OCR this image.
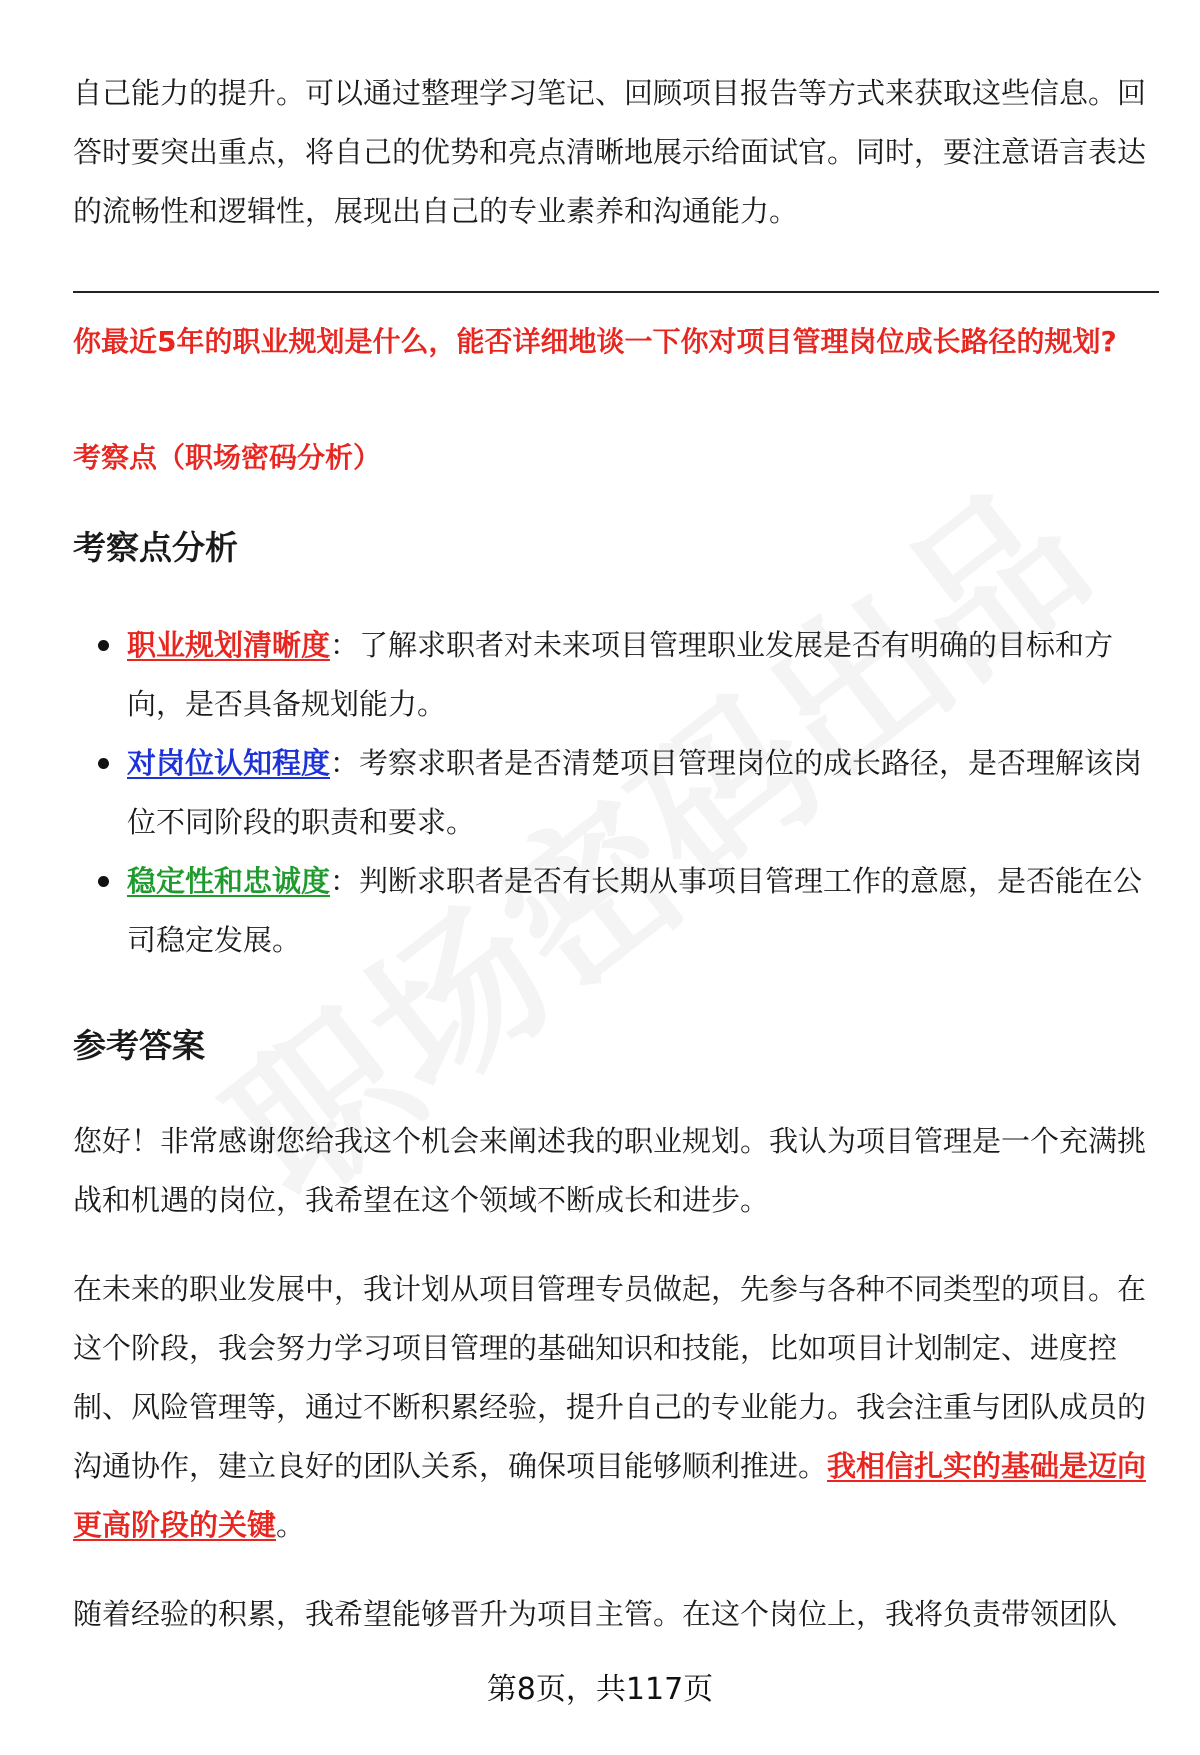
自己能力的提升。可以通过整理学习笔记、回顾项目报告等方式来获取这些信息。回答时要突出重点，将自己的优势和亮点清晰地展示给面试官。同时，要注意语言表达的流畅性和逻辑性，展现出自己的专业素养和沟通能力。

你最近5年的职业规划是什么，能否详细地谈一下你对项目管理岗位成长路径的规划?

考察点（职场密码分析）

考察点分析
职业规划清晰度：了解求职者对未来项目管理职业发展是否有明确的目标和方向，是否具备规划能力。
对岗位认知程度：考察求职者是否清楚项目管理岗位的成长路径，是否理解该岗位不同阶段的职责和要求。
稳定性和忠诚度：判断求职者是否有长期从事项目管理工作的意愿，是否能在公司稳定发展。
参考答案

您好！非常感谢您给我这个机会来阐述我的职业规划。我认为项目管理是一个充满挑战和机遇的岗位，我希望在这个领域不断成长和进步。

在未来的职业发展中，我计划从项目管理专员做起，先参与各种不同类型的项目。在这个阶段，我会努力学习项目管理的基础知识和技能，比如项目计划制定、进度控制、风险管理等，通过不断积累经验，提升自己的专业能力。我会注重与团队成员的沟通协作，建立良好的团队关系，确保项目能够顺利推进。我相信扎实的基础是迈向更高阶段的关键。

随着经验的积累，我希望能够晋升为项目主管。在这个岗位上，我将负责带领团队

第8页，共117页
